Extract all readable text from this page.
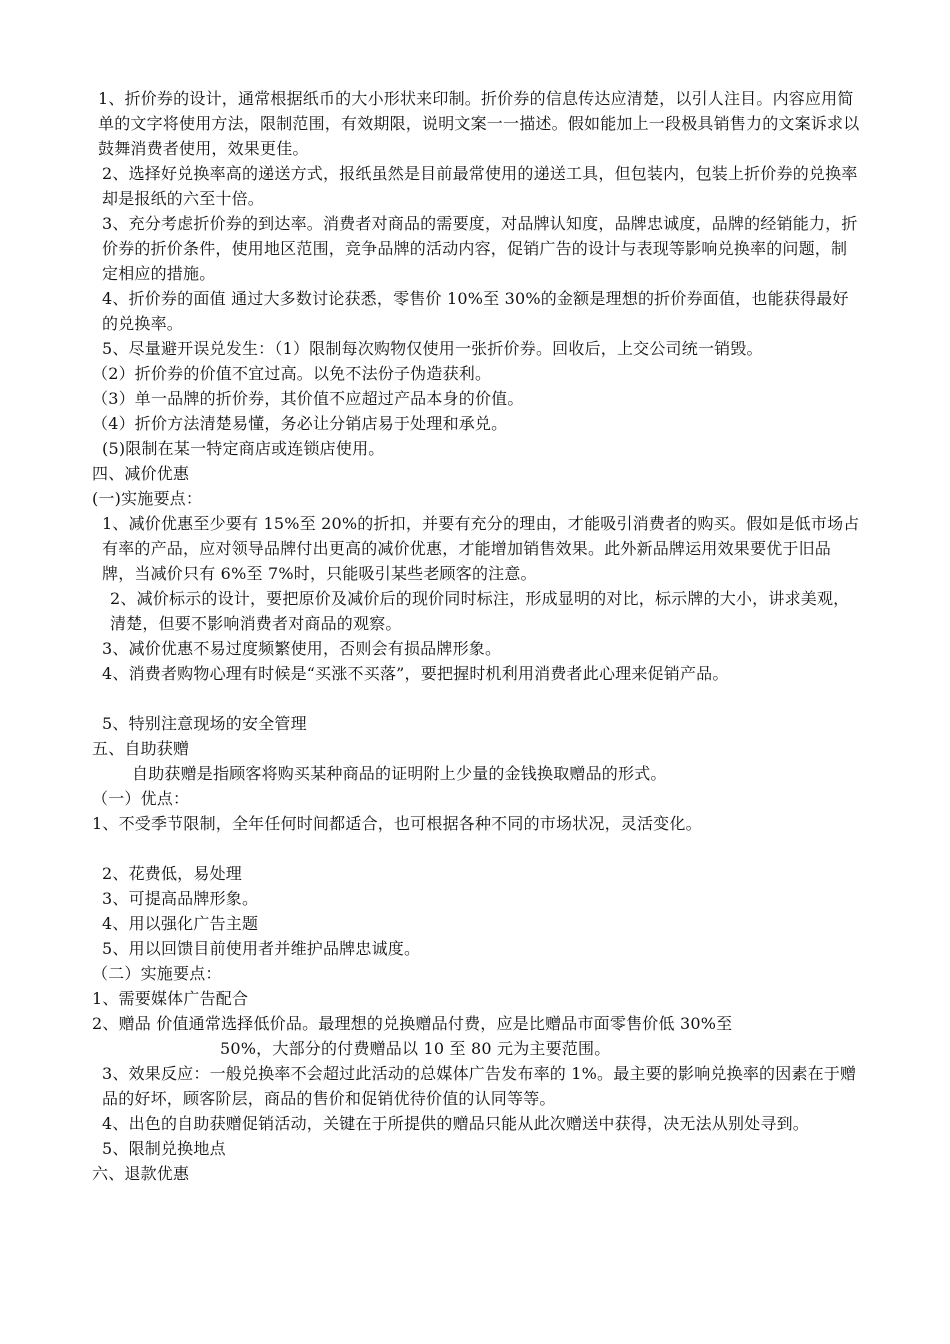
1、折价券的设计，通常根据纸币的大小形状来印制。折价券的信息传达应清楚，以引人注目。内容应用简单的文字将使用方法，限制范围，有效期限，说明文案一一描述。假如能加上一段极具销售力的文案诉求以鼓舞消费者使用，效果更佳。

2、选择好兑换率高的递送方式，报纸虽然是目前最常使用的递送工具，但包装内，包装上折价券的兑换率却是报纸的六至十倍。

3、充分考虑折价券的到达率。消费者对商品的需要度，对品牌认知度，品牌忠诚度，品牌的经销能力，折价券的折价条件，使用地区范围，竞争品牌的活动内容，促销广告的设计与表现等影响兑换率的问题，制定相应的措施。

4、折价券的面值 通过大多数讨论获悉，零售价 10%至 30%的金额是理想的折价券面值，也能获得最好的兑换率。

5、尽量避开误兑发生：（1）限制每次购物仅使用一张折价券。回收后，上交公司统一销毁。

（2）折价券的价值不宜过高。以免不法份子伪造获利。

（3）单一品牌的折价券，其价值不应超过产品本身的价值。

（4）折价方法清楚易懂，务必让分销店易于处理和承兑。

(5)限制在某一特定商店或连锁店使用。

四、减价优惠

(一)实施要点：

1、减价优惠至少要有 15%至 20%的折扣，并要有充分的理由，才能吸引消费者的购买。假如是低市场占有率的产品，应对领导品牌付出更高的减价优惠，才能增加销售效果。此外新品牌运用效果要优于旧品牌，当减价只有 6%至 7%时，只能吸引某些老顾客的注意。

2、减价标示的设计，要把原价及减价后的现价同时标注，形成显明的对比，标示牌的大小，讲求美观，清楚，但要不影响消费者对商品的观察。

3、减价优惠不易过度频繁使用，否则会有损品牌形象。

4、消费者购物心理有时候是“买涨不买落”，要把握时机利用消费者此心理来促销产品。

5、特别注意现场的安全管理

五、自助获赠

自助获赠是指顾客将购买某种商品的证明附上少量的金钱换取赠品的形式。

（一）优点：

1、不受季节限制，全年任何时间都适合，也可根据各种不同的市场状况，灵活变化。

2、花费低，易处理

3、可提高品牌形象。

4、用以强化广告主题

5、用以回馈目前使用者并维护品牌忠诚度。

（二）实施要点：

1、需要媒体广告配合

2、赠品 价值通常选择低价品。最理想的兑换赠品付费，应是比赠品市面零售价低 30%至

50%，大部分的付费赠品以 10 至 80 元为主要范围。

3、效果反应：一般兑换率不会超过此活动的总媒体广告发布率的 1%。最主要的影响兑换率的因素在于赠品的好坏，顾客阶层，商品的售价和促销优待价值的认同等等。

4、出色的自助获赠促销活动，关键在于所提供的赠品只能从此次赠送中获得，决无法从别处寻到。

5、限制兑换地点

六、退款优惠
